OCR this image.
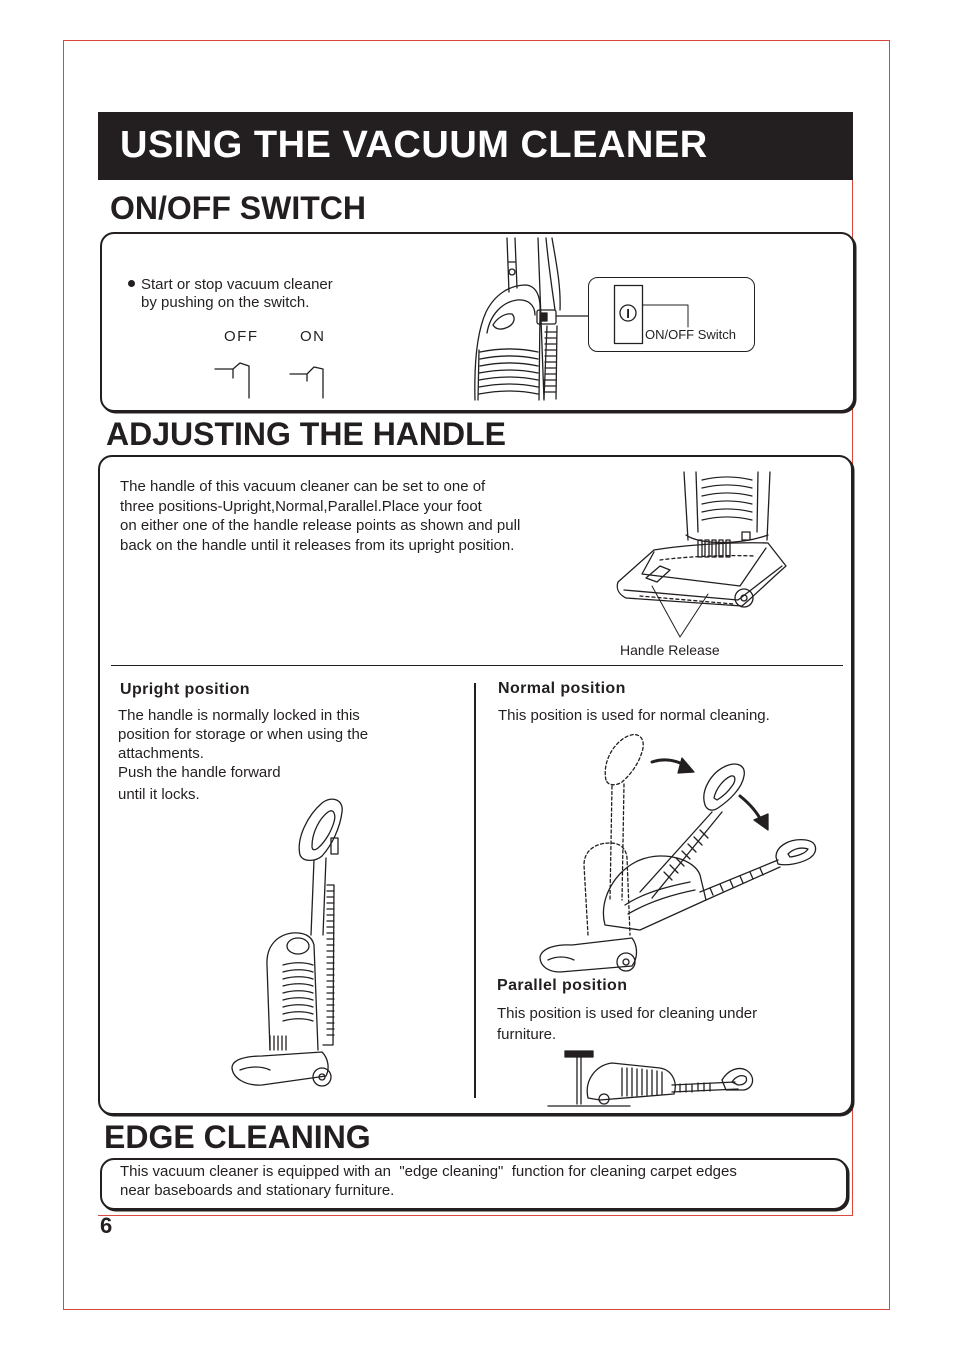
USING THE VACUUM CLEANER
ON/OFF SWITCH
ADJUSTING THE HANDLE
EDGE CLEANING
I
Start or stop vacuum cleaner
by pushing on the switch.
OFF	ON	ON/OFF Switch
The handle of this vacuum cleaner can be set to one of
three positions-Upright,Normal,Parallel.Place your foot
on either one of the handle release points as shown and pull
back on the handle until it releases from its upright position.
Handle Release
Upright position
The handle is normally locked in this
position for storage or when using the
attachments.
Push the handle forward
until it locks.
Normal position
This position is used for normal cleaning.
Parallel position
This position is used for cleaning under
furniture.
This vacuum cleaner is equipped with an  "edge cleaning"  function for cleaning carpet edges
near baseboards and stationary furniture.
6
